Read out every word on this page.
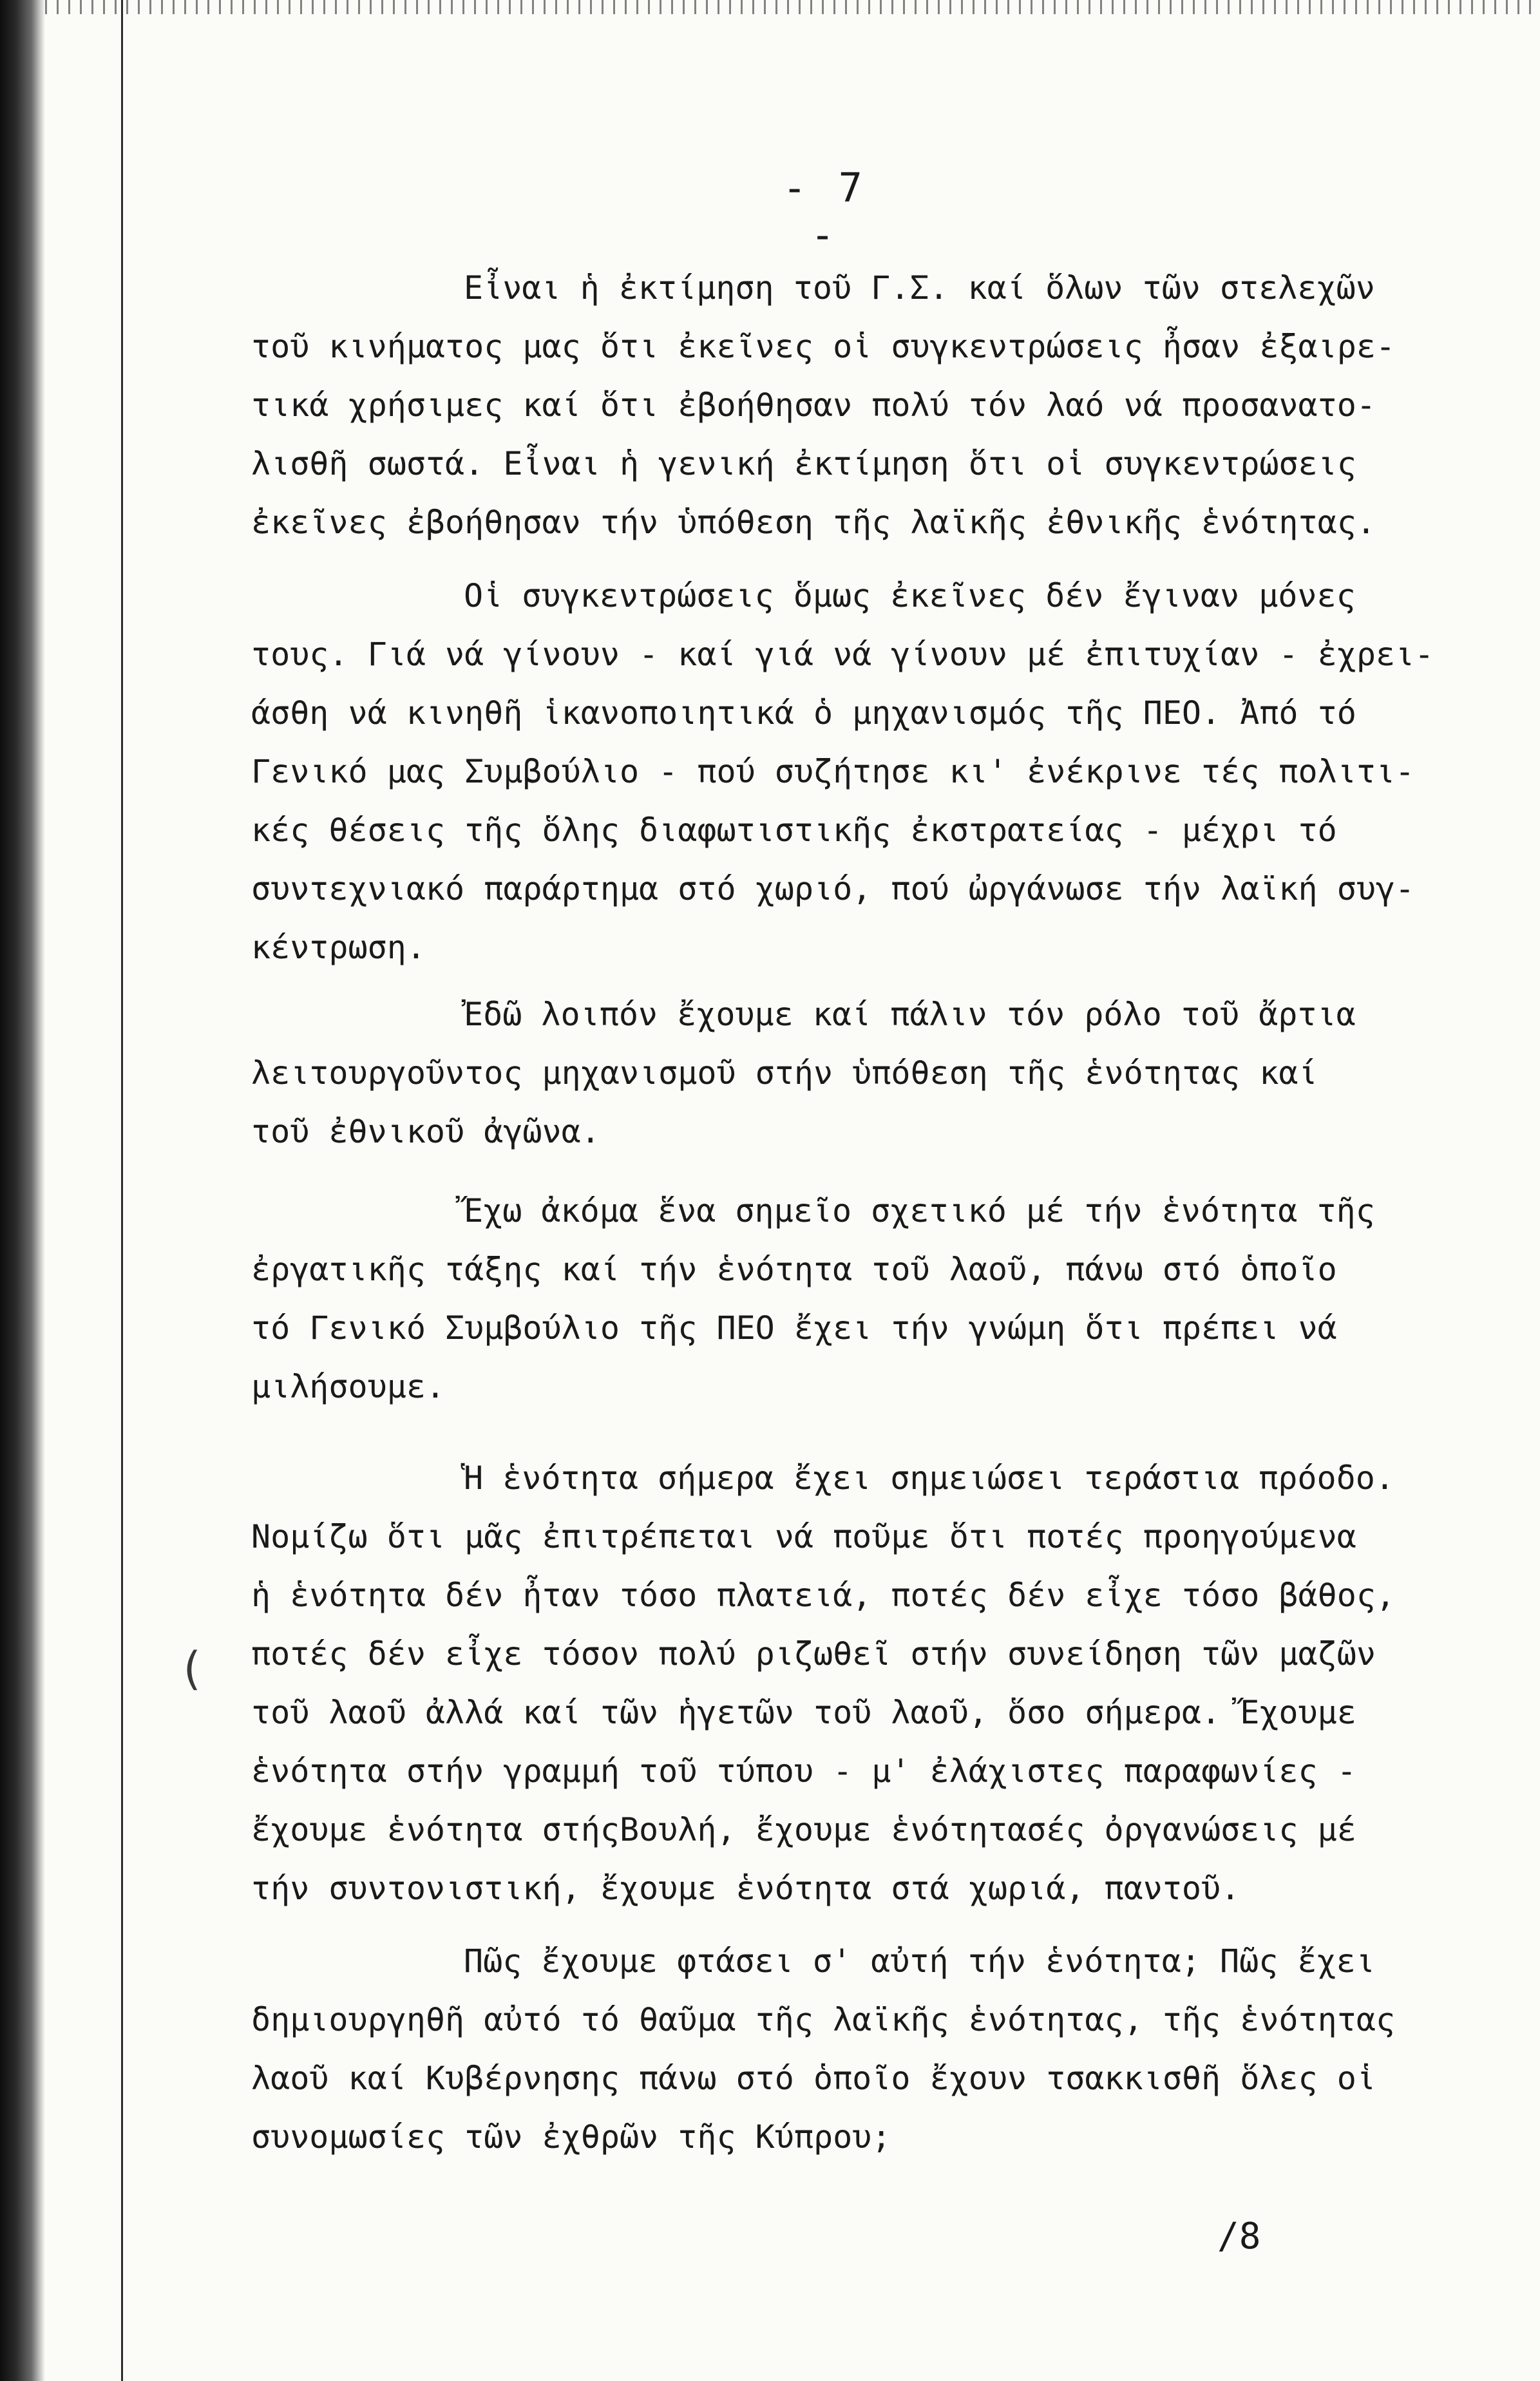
- 7 -
Εἶναι ἡ ἐκτίμηση τοῦ Γ.Σ. καί ὅλων τῶν στελεχῶν
τοῦ κινήματος μας ὅτι ἐκεῖνες οἱ συγκεντρώσεις ἦσαν ἐξαιρε-
τικά χρήσιμες καί ὅτι ἐβοήθησαν πολύ τόν λαό νά προσανατο-
λισθῆ σωστά. Εἶναι ἡ γενική ἐκτίμηση ὅτι οἱ συγκεντρώσεις
ἐκεῖνες ἐβοήθησαν τήν ὑπόθεση τῆς λαϊκῆς ἐθνικῆς ἑνότητας.
Οἱ συγκεντρώσεις ὅμως ἐκεῖνες δέν ἔγιναν μόνες
τους. Γιά νά γίνουν - καί γιά νά γίνουν μέ ἐπιτυχίαν - ἐχρει-
άσθη νά κινηθῆ ἱκανοποιητικά ὁ μηχανισμός τῆς ΠΕΟ. Ἀπό τό
Γενικό μας Συμβούλιο - πού συζήτησε κι' ἐνέκρινε τές πολιτι-
κές θέσεις τῆς ὅλης διαφωτιστικῆς ἐκστρατείας - μέχρι τό
συντεχνιακό παράρτημα στό χωριό, πού ὠργάνωσε τήν λαϊκή συγ-
κέντρωση.
Ἐδῶ λοιπόν ἔχουμε καί πάλιν τόν ρόλο τοῦ ἄρτια
λειτουργοῦντος μηχανισμοῦ στήν ὑπόθεση τῆς ἑνότητας καί
τοῦ ἐθνικοῦ ἀγῶνα.
Ἔχω ἀκόμα ἕνα σημεῖο σχετικό μέ τήν ἑνότητα τῆς
ἐργατικῆς τάξης καί τήν ἑνότητα τοῦ λαοῦ, πάνω στό ὁποῖο
τό Γενικό Συμβούλιο τῆς ΠΕΟ ἔχει τήν γνώμη ὅτι πρέπει νά
μιλήσουμε.
Ἡ ἑνότητα σήμερα ἔχει σημειώσει τεράστια πρόοδο.
Νομίζω ὅτι μᾶς ἐπιτρέπεται νά ποῦμε ὅτι ποτές προηγούμενα
ἡ ἑνότητα δέν ἦταν τόσο πλατειά, ποτές δέν εἶχε τόσο βάθος,
ποτές δέν εἶχε τόσον πολύ ριζωθεῖ στήν συνείδηση τῶν μαζῶν
τοῦ λαοῦ ἀλλά καί τῶν ἡγετῶν τοῦ λαοῦ, ὅσο σήμερα. Ἔχουμε
ἑνότητα στήν γραμμή τοῦ τύπου - μ' ἐλάχιστες παραφωνίες -
ἔχουμε ἑνότητα στήςΒουλή, ἔχουμε ἑνότητασ́ες ὀργανώσεις μέ
τήν συντονιστική, ἔχουμε ἑνότητα στά χωριά, παντοῦ.
Πῶς ἔχουμε φτάσει σ' αὐτή τήν ἑνότητα; Πῶς ἔχει
δημιουργηθῆ αὐτό τό θαῦμα τῆς λαϊκῆς ἑνότητας, τῆς ἑνότητας
λαοῦ καί Κυβέρνησης πάνω στό ὁποῖο ἔχουν τσακκισθῆ ὅλες οἱ
συνομωσίες τῶν ἐχθρῶν τῆς Κύπρου;
/8
(
